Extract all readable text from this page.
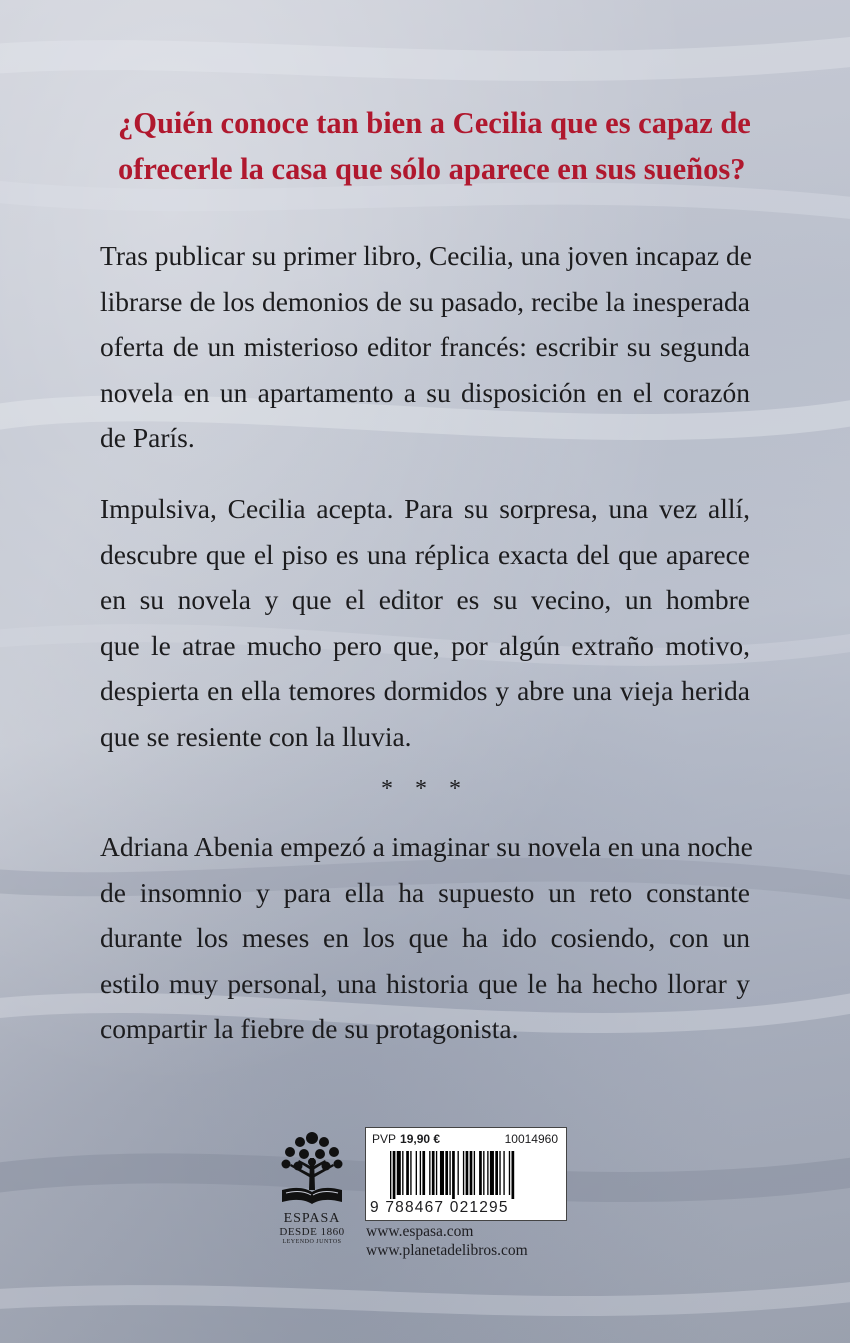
¿Quién conoce tan bien a Cecilia que es capaz de
ofrecerle la casa que sólo aparece en sus sueños?
Tras publicar su primer libro, Cecilia, una joven incapaz de
librarse de los demonios de su pasado, recibe la inesperada
oferta de un misterioso editor francés: escribir su segunda
novela en un apartamento a su disposición en el corazón
de París.
Impulsiva, Cecilia acepta. Para su sorpresa, una vez allí,
descubre que el piso es una réplica exacta del que aparece
en su novela y que el editor es su vecino, un hombre
que le atrae mucho pero que, por algún extraño motivo,
despierta en ella temores dormidos y abre una vieja herida
que se resiente con la lluvia.
* * *
Adriana Abenia empezó a imaginar su novela en una noche
de insomnio y para ella ha supuesto un reto constante
durante los meses en los que ha ido cosiendo, con un
estilo muy personal, una historia que le ha hecho llorar y
compartir la fiebre de su protagonista.
ESPASA
DESDE 1860
LEYENDO JUNTOS
PVP 19,90 €	10014960
9 788467 021295
www.espasa.com
www.planetadelibros.com
